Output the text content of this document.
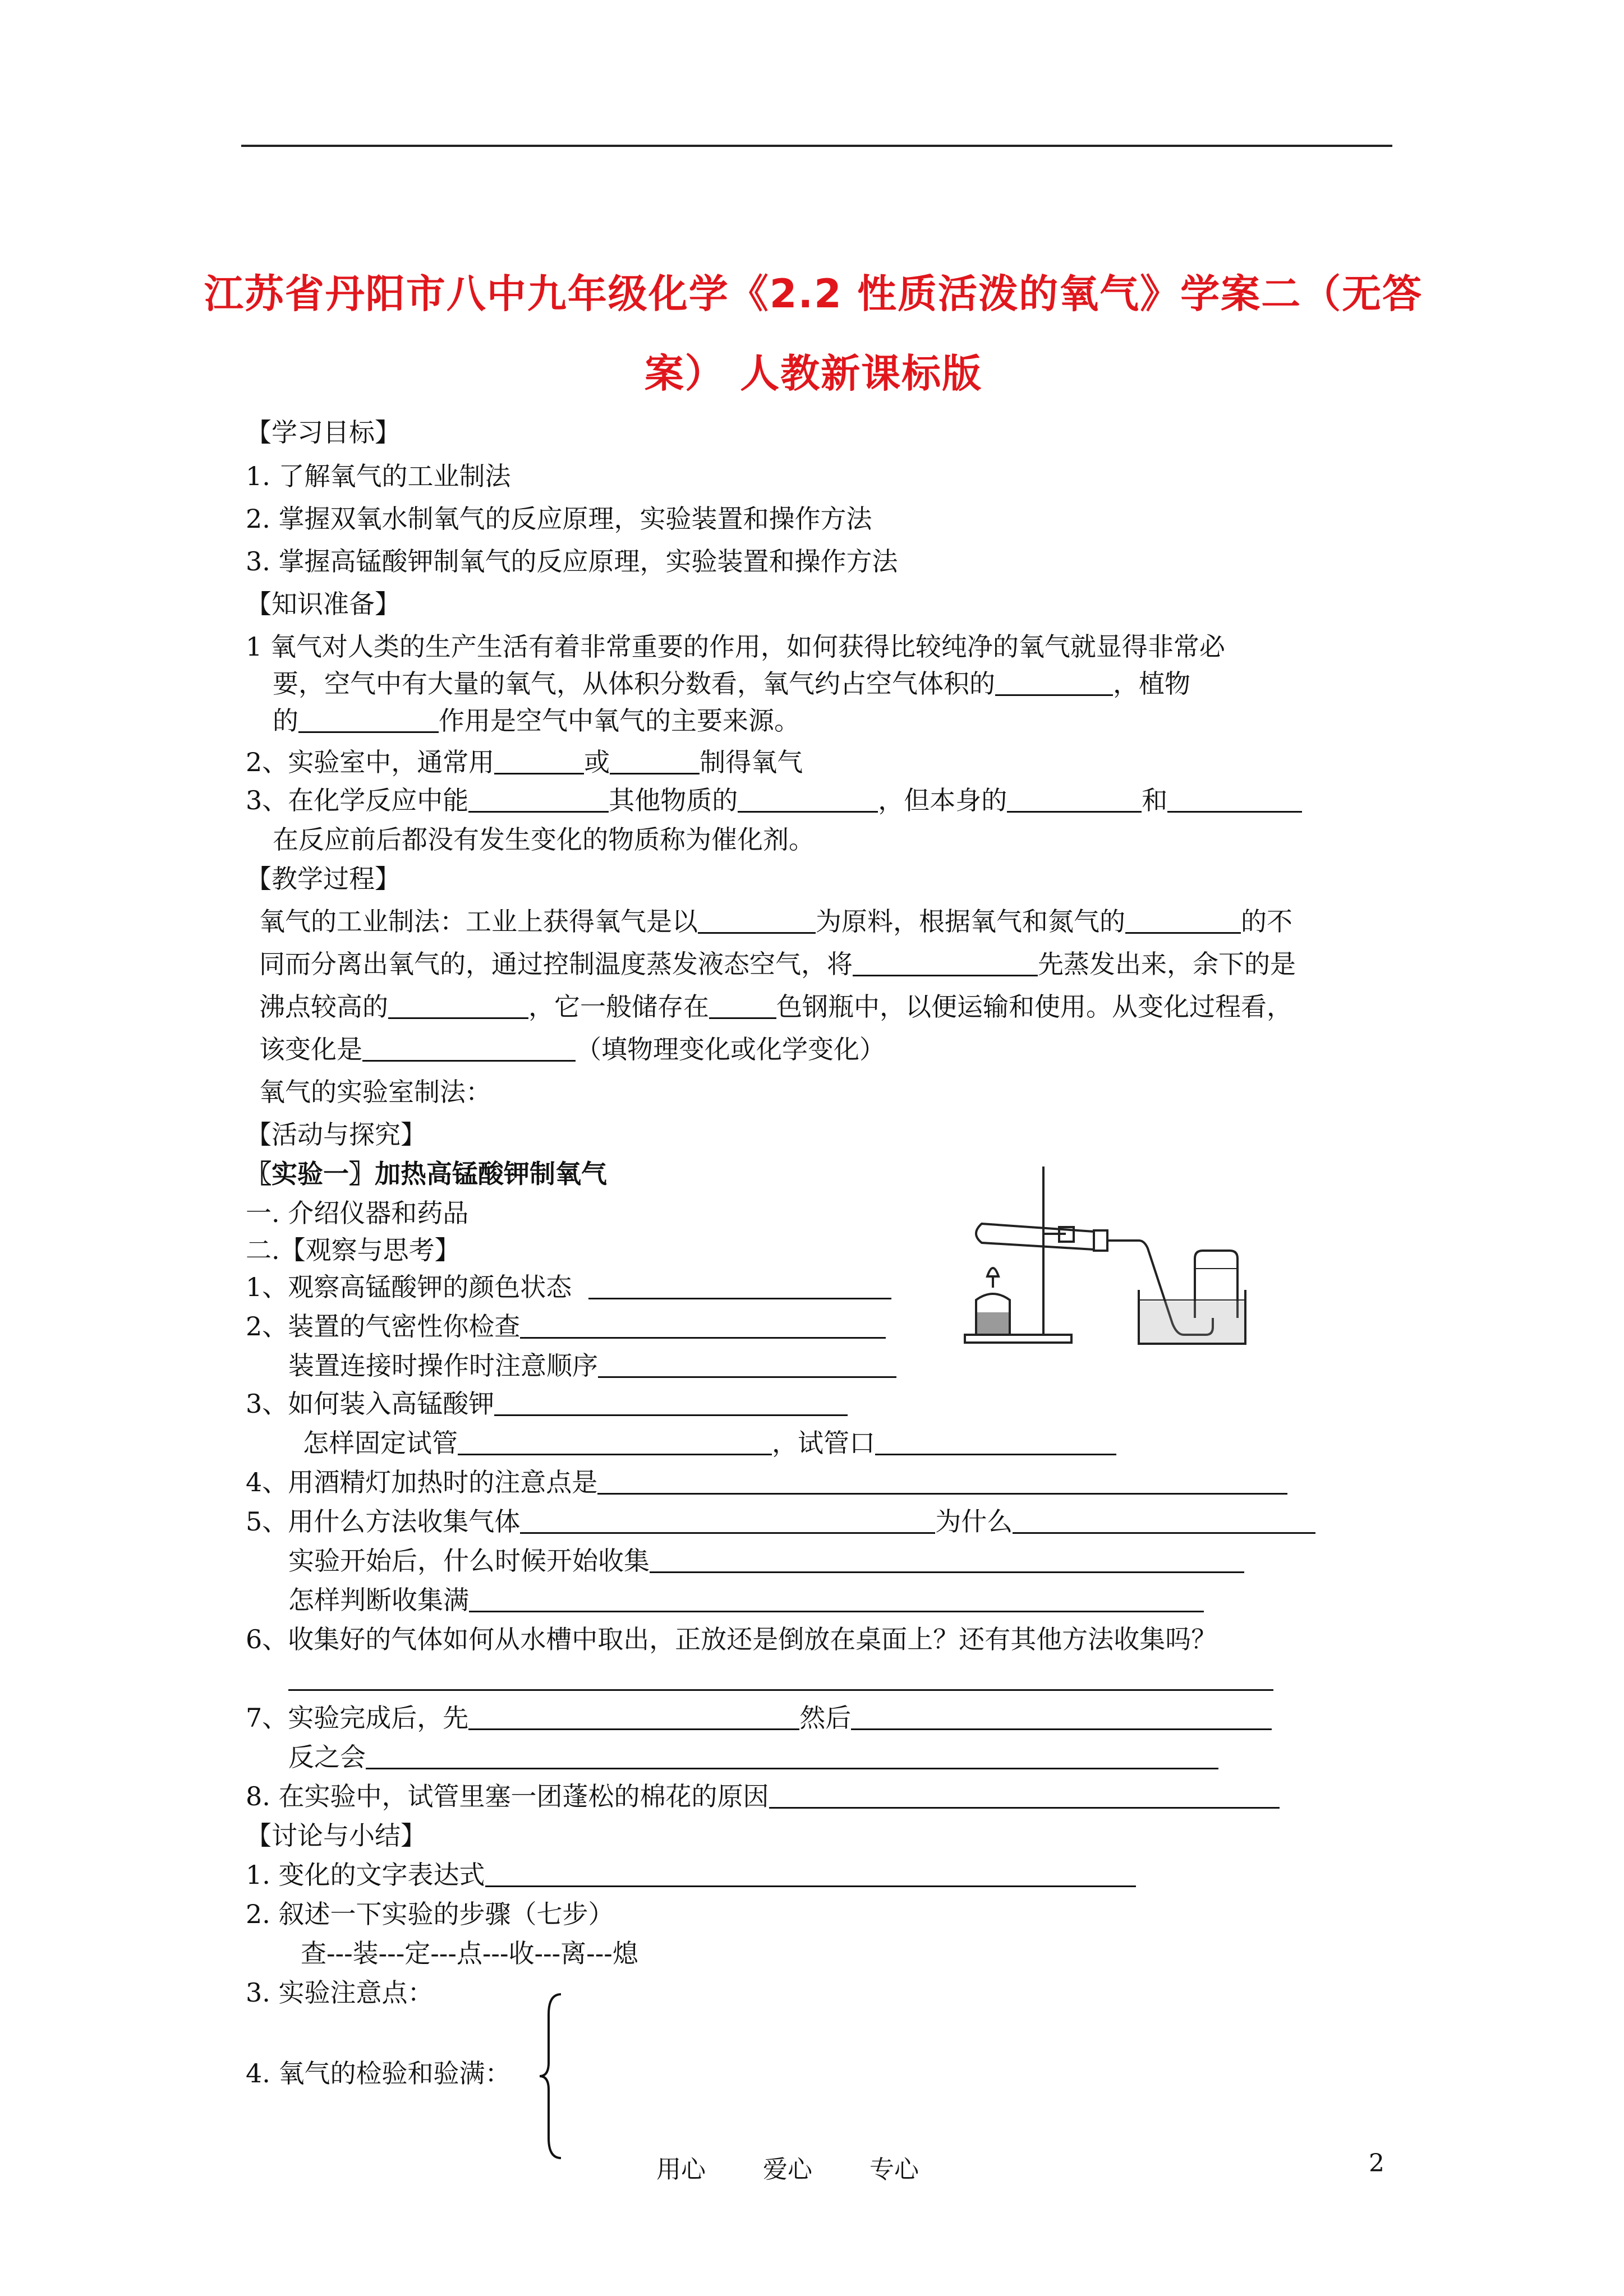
江苏省丹阳市八中九年级化学《2.2 性质活泼的氧气》学案二（无答
案） 人教新课标版
【学习目标】
1. 了解氧气的工业制法
2. 掌握双氧水制氧气的反应原理，实验装置和操作方法
3. 掌握高锰酸钾制氧气的反应原理，实验装置和操作方法
【知识准备】
1 氧气对人类的生产生活有着非常重要的作用，如何获得比较纯净的氧气就显得非常必
要，空气中有大量的氧气，从体积分数看，氧气约占空气体积的	，植物
的	作用是空气中氧气的主要来源。
2、实验室中，通常用	或	制得氧气
3、在化学反应中能	其他物质的	，但本身的	和
在反应前后都没有发生变化的物质称为催化剂。
【教学过程】
氧气的工业制法：工业上获得氧气是以	为原料，根据氧气和氮气的	的不
同而分离出氧气的，通过控制温度蒸发液态空气，将	先蒸发出来，余下的是
沸点较高的	，它一般储存在	色钢瓶中，以便运输和使用。从变化过程看，
该变化是	（填物理变化或化学变化）
氧气的实验室制法：
【活动与探究】
〖实验一〗加热高锰酸钾制氧气
一. 介绍仪器和药品
二.【观察与思考】
1、观察高锰酸钾的颜色状态
2、装置的气密性你检查
装置连接时操作时注意顺序
3、如何装入高锰酸钾
怎样固定试管	，试管口
4、用酒精灯加热时的注意点是
5、用什么方法收集气体	为什么
实验开始后，什么时候开始收集
怎样判断收集满
6、收集好的气体如何从水槽中取出，正放还是倒放在桌面上？还有其他方法收集吗？
7、实验完成后，先	然后
反之会
8. 在实验中，试管里塞一团蓬松的棉花的原因
【讨论与小结】
1. 变化的文字表达式
2. 叙述一下实验的步骤（七步）
查---装---定---点---收---离---熄
3. 实验注意点：
4. 氧气的检验和验满：
用心 爱心 专心	2
